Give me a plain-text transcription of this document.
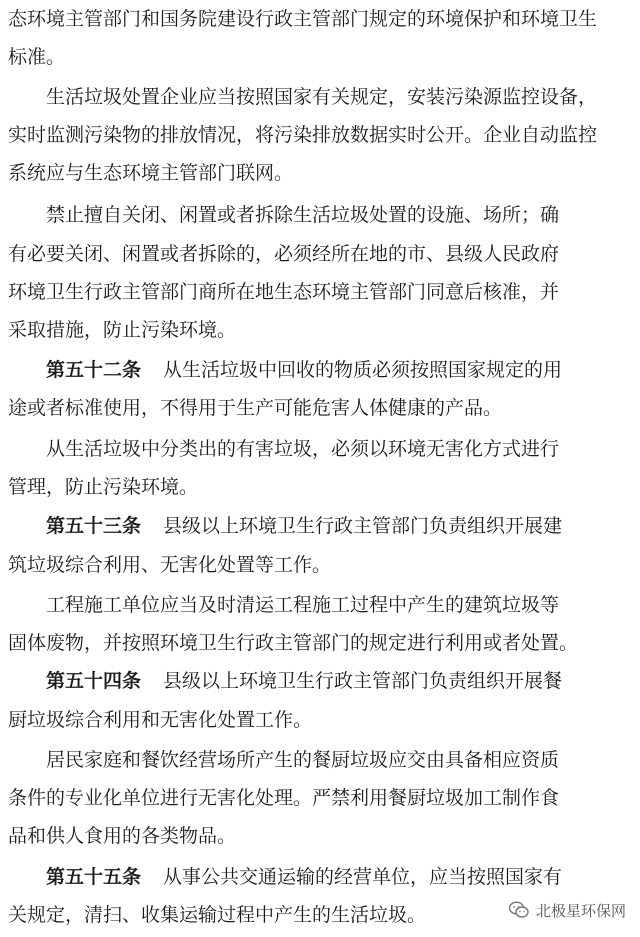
态环境主管部门和国务院建设行政主管部门规定的环境保护和环境卫生
标准。
生活垃圾处置企业应当按照国家有关规定，安装污染源监控设备，
实时监测污染物的排放情况，将污染排放数据实时公开。企业自动监控
系统应与生态环境主管部门联网。
禁止擅自关闭、闲置或者拆除生活垃圾处置的设施、场所；确
有必要关闭、闲置或者拆除的，必须经所在地的市、县级人民政府
环境卫生行政主管部门商所在地生态环境主管部门同意后核准，并
采取措施，防止污染环境。
第五十二条 从生活垃圾中回收的物质必须按照国家规定的用
途或者标准使用，不得用于生产可能危害人体健康的产品。
从生活垃圾中分类出的有害垃圾，必须以环境无害化方式进行
管理，防止污染环境。
第五十三条 县级以上环境卫生行政主管部门负责组织开展建
筑垃圾综合利用、无害化处置等工作。
工程施工单位应当及时清运工程施工过程中产生的建筑垃圾等
固体废物，并按照环境卫生行政主管部门的规定进行利用或者处置。
第五十四条 县级以上环境卫生行政主管部门负责组织开展餐
厨垃圾综合利用和无害化处置工作。
居民家庭和餐饮经营场所产生的餐厨垃圾应交由具备相应资质
条件的专业化单位进行无害化处理。严禁利用餐厨垃圾加工制作食
品和供人食用的各类物品。
第五十五条 从事公共交通运输的经营单位，应当按照国家有
关规定，清扫、收集运输过程中产生的生活垃圾。	北极星环保网
